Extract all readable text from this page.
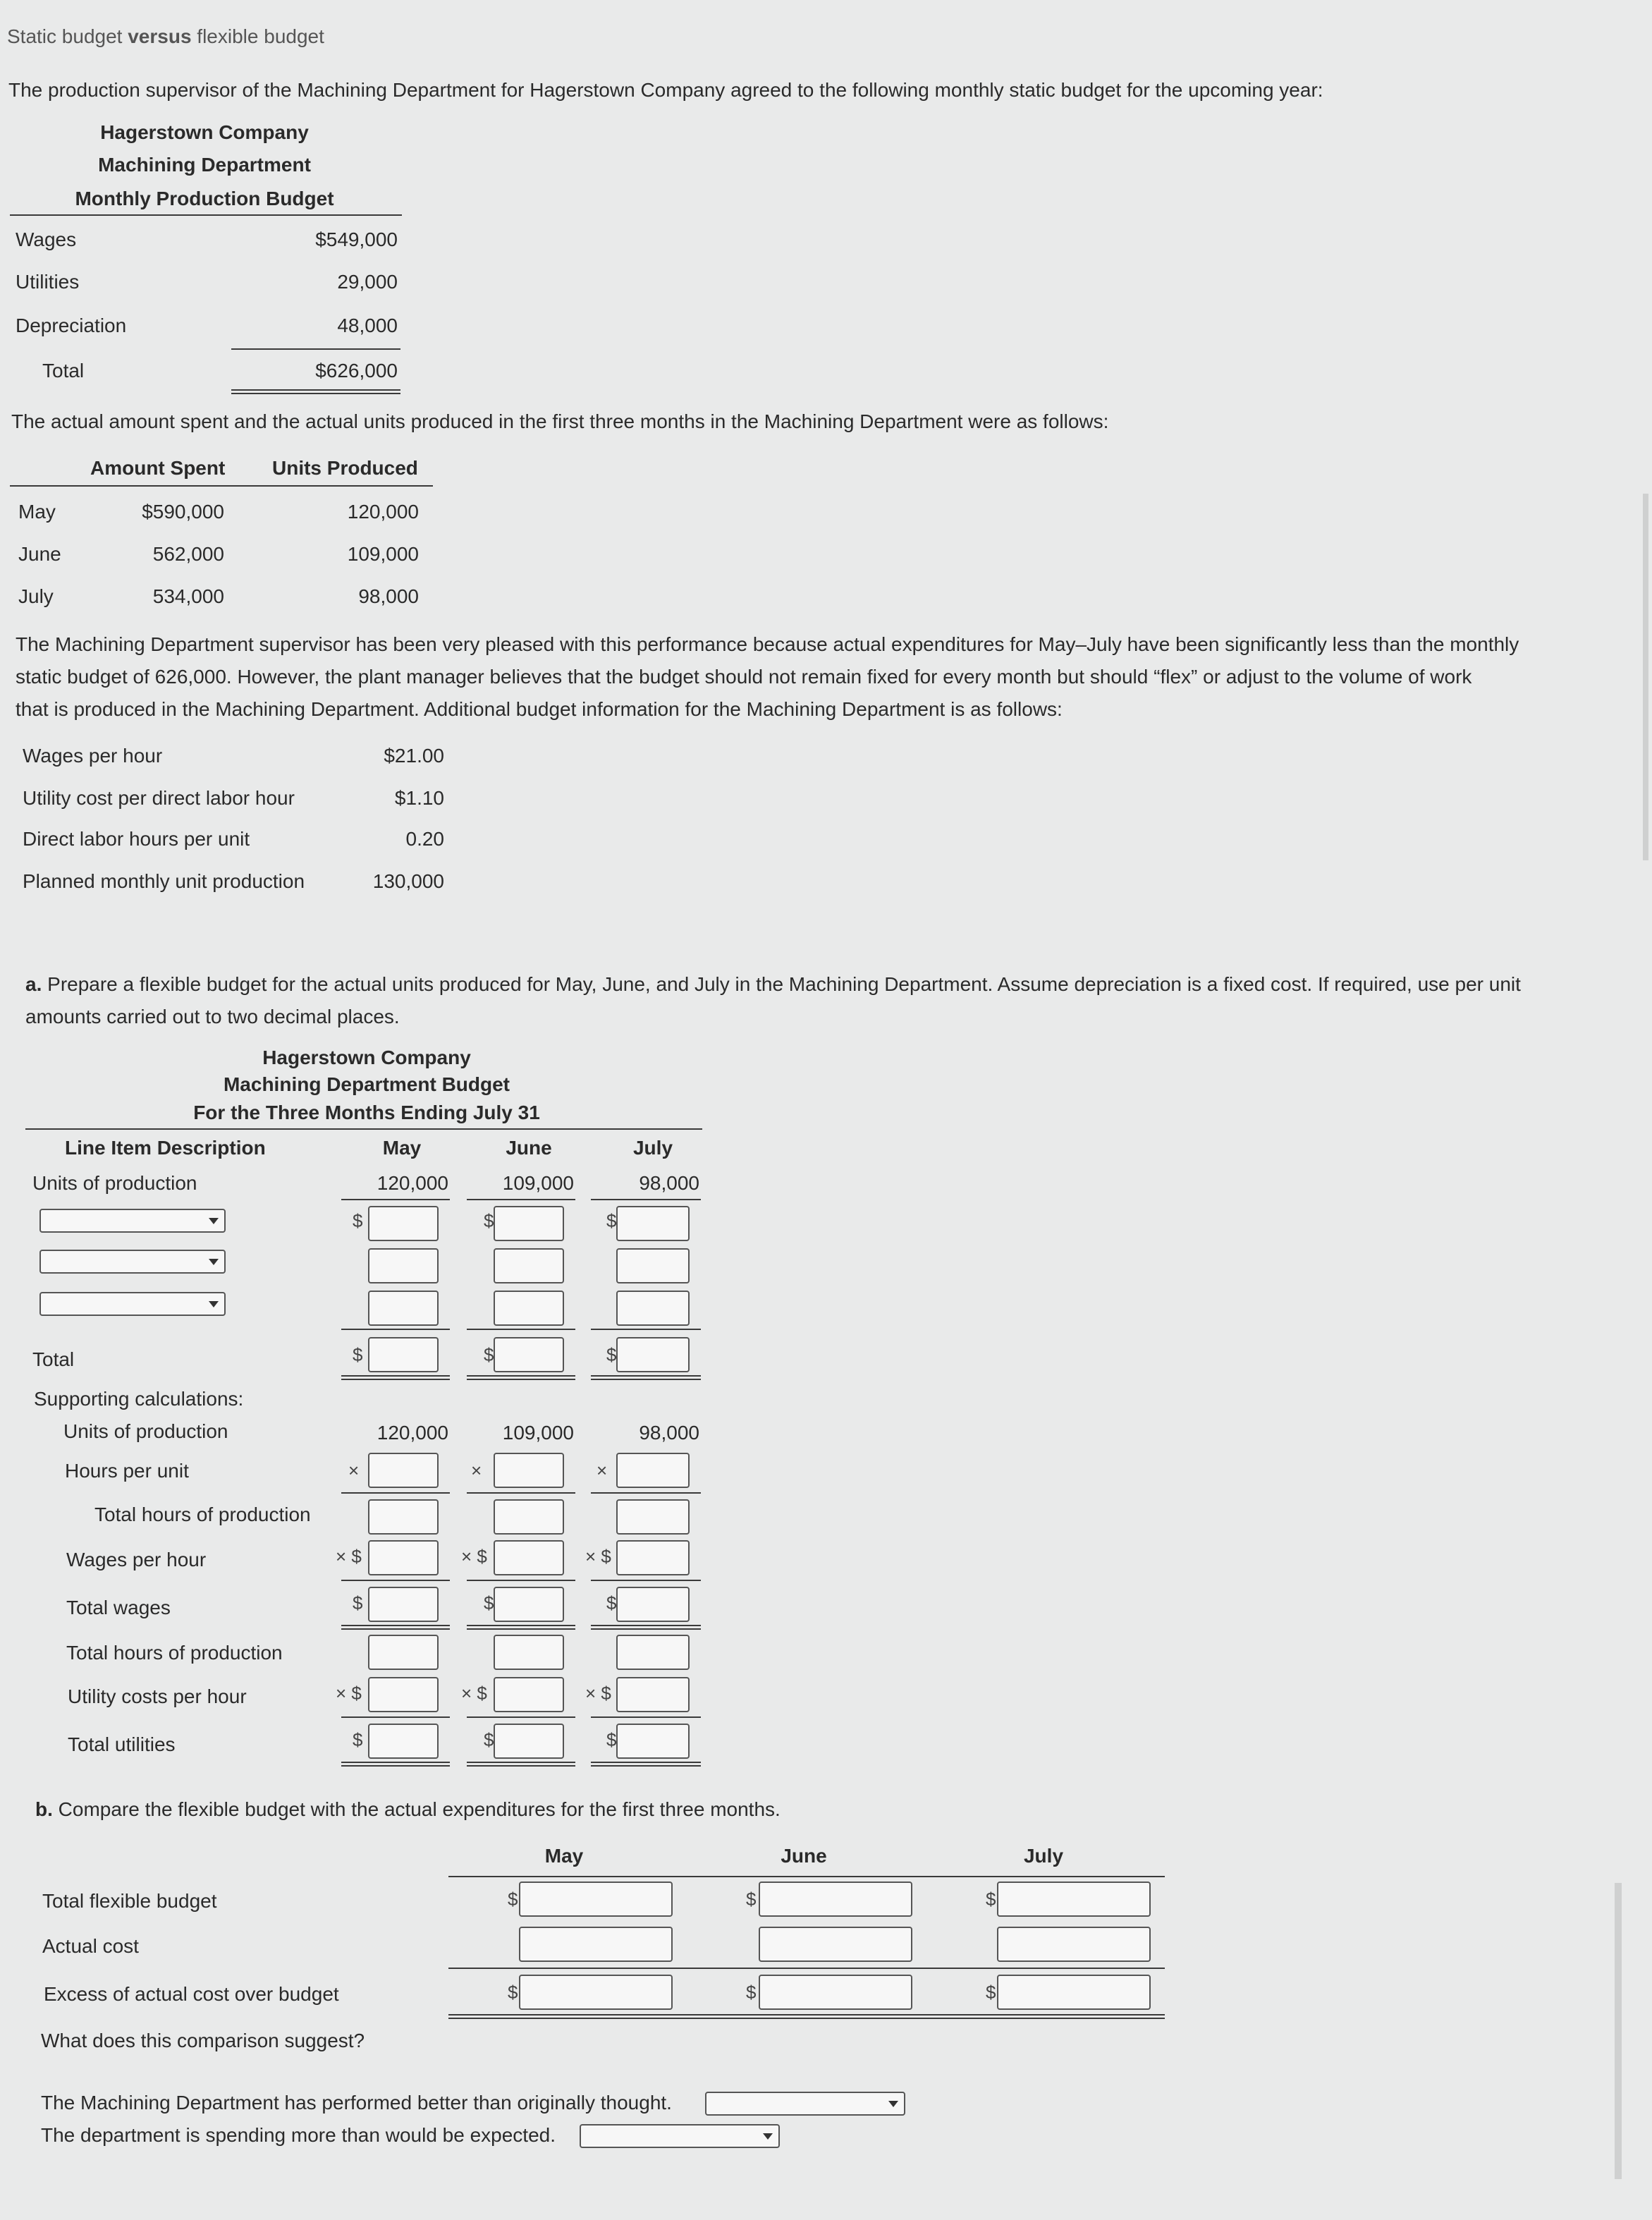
Static budget versus flexible budget
The production supervisor of the Machining Department for Hagerstown Company agreed to the following monthly static budget for the upcoming year:
Hagerstown Company
Machining Department
Monthly Production Budget
Wages	$549,000
Utilities	29,000
Depreciation	48,000
Total	$626,000
The actual amount spent and the actual units produced in the first three months in the Machining Department were as follows:
Amount Spent Units Produced
May	$590,000	120,000
June	562,000	109,000
July	534,000	98,000
The Machining Department supervisor has been very pleased with this performance because actual expenditures for May–July have been significantly less than the monthly
static budget of 626,000. However, the plant manager believes that the budget should not remain fixed for every month but should “flex” or adjust to the volume of work
that is produced in the Machining Department. Additional budget information for the Machining Department is as follows:
Wages per hour	$21.00
Utility cost per direct labor hour	$1.10
Direct labor hours per unit	0.20
Planned monthly unit production	130,000
a. Prepare a flexible budget for the actual units produced for May, June, and July in the Machining Department. Assume depreciation is a fixed cost. If required, use per unit
amounts carried out to two decimal places.
Hagerstown Company
Machining Department Budget
For the Three Months Ending July 31
Line Item Description	May	June	July
Units of production	120,000	109,000	98,000
$	$	$
Total	$	$	$
Supporting calculations:
Units of production	120,000	109,000	98,000
Hours per unit	×	×	×
Total hours of production
Wages per hour	× $	× $	× $
Total wages	$	$	$
Total hours of production
Utility costs per hour	× $	× $	× $
Total utilities	$	$	$
b. Compare the flexible budget with the actual expenditures for the first three months.
May	June	July
Total flexible budget	$	$	$
Actual cost
Excess of actual cost over budget	$	$	$
What does this comparison suggest?
The Machining Department has performed better than originally thought.
The department is spending more than would be expected.
